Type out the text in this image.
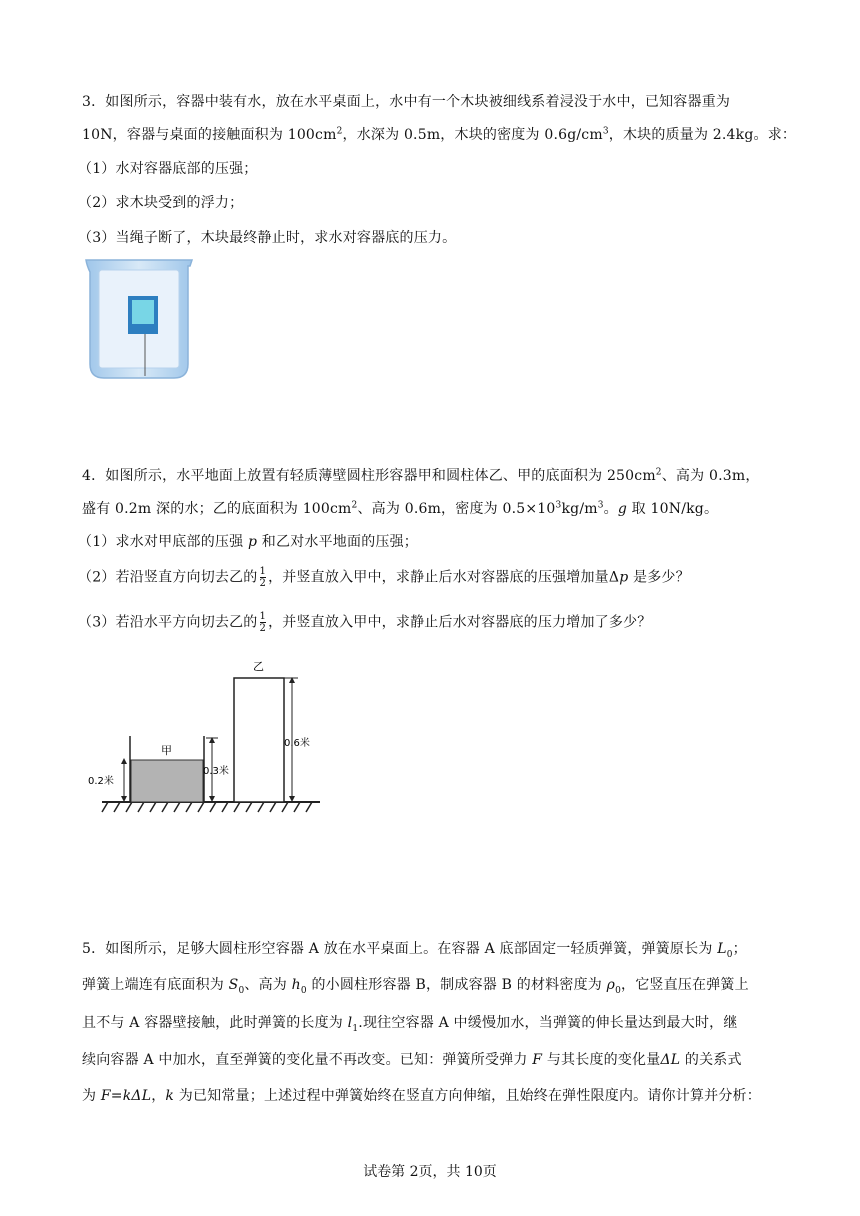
3．如图所示，容器中装有水，放在水平桌面上，水中有一个木块被细线系着浸没于水中，已知容器重为
10N，容器与桌面的接触面积为 $100cm^2$，水深为 0.5m，木块的密度为 $0.6g/cm^3$，木块的质量为 2.4kg。求：
（1）水对容器底部的压强；
（2）求木块受到的浮力；
（3）当绳子断了，木块最终静止时，求水对容器底的压力。
4．如图所示，水平地面上放置有轻质薄壁圆柱形容器甲和圆柱体乙、甲的底面积为 $250cm^2$、高为 0.3m，
盛有 0.2m 深的水；乙的底面积为 $100cm^2$、高为 0.6m，密度为 $0.5\times 10^3kg/m^3$。g 取 10N/kg。
（1）求水对甲底部的压强 p 和乙对水平地面的压强；
（2）若沿竖直方向切去乙的 $\frac{1}{2}$ ，并竖直放入甲中，求静止后水对容器底的压强增加量Δp 是多少？
（3）若沿水平方向切去乙的 $\frac{1}{2}$ ，并竖直放入甲中，求静止后水对容器底的压力增加了多少？
甲
0.2米
0.3米
乙
0.6米
5．如图所示，足够大圆柱形空容器 A 放在水平桌面上。在容器 A 底部固定一轻质弹簧，弹簧原长为 $L_0$；
弹簧上端连有底面积为 $S_0$、高为 $h_0$ 的小圆柱形容器 B，制成容器 B 的材料密度为 $\rho_0$，它竖直压在弹簧上
且不与 A 容器壁接触，此时弹簧的长度为 $l_1$.现往空容器 A 中缓慢加水，当弹簧的伸长量达到最大时，继
续向容器 A 中加水，直至弹簧的变化量不再改变。已知：弹簧所受弹力 F 与其长度的变化量ΔL 的关系式
为 F=kΔL，k 为已知常量；上述过程中弹簧始终在竖直方向伸缩，且始终在弹性限度内。请你计算并分析：
试卷第 2页，共 10页
